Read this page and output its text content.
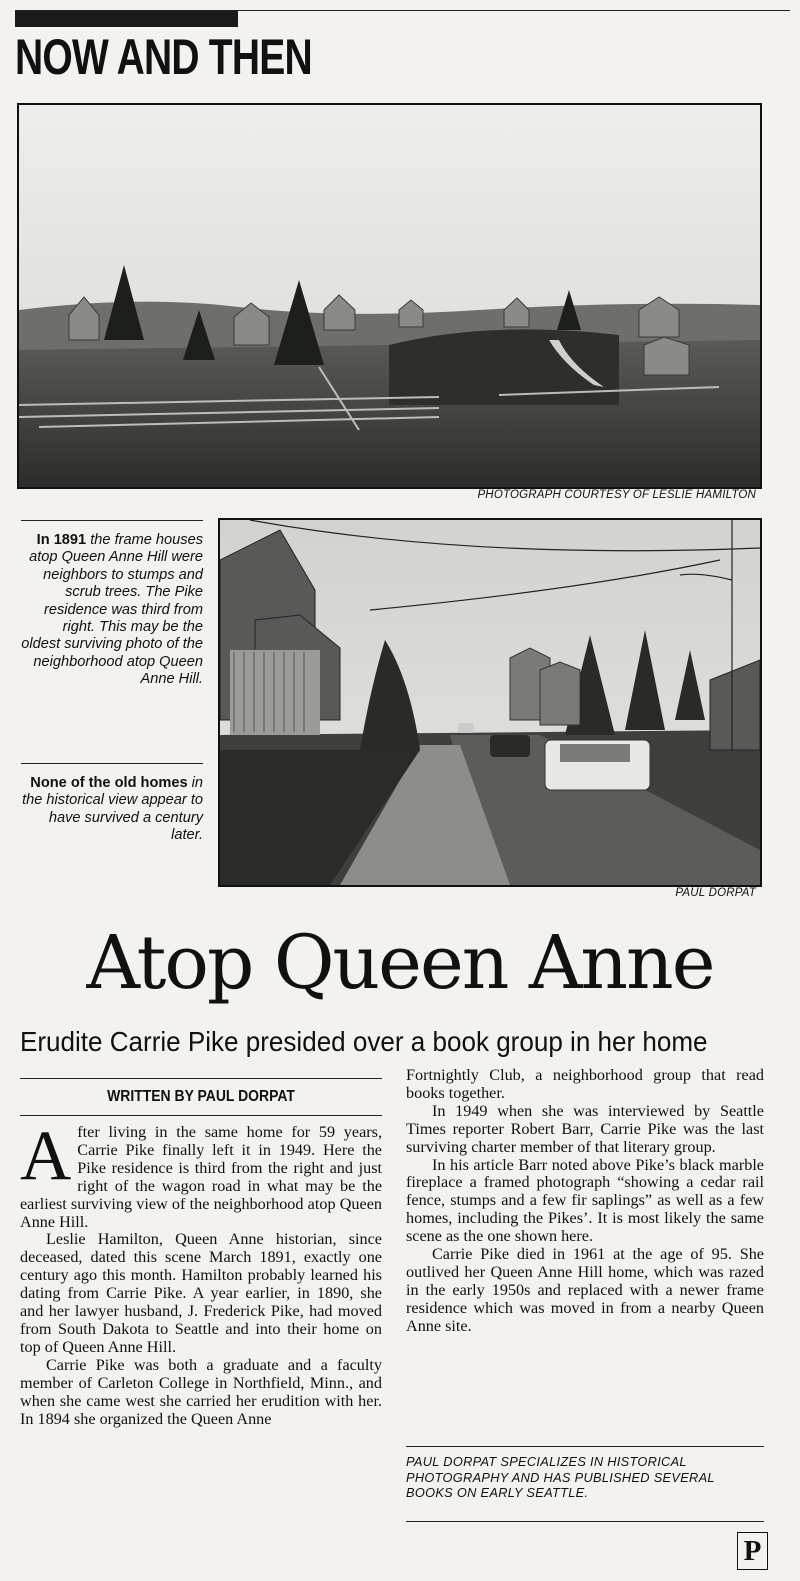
NOW AND THEN
PHOTOGRAPH COURTESY OF LESLIE HAMILTON
In 1891 the frame houses atop Queen Anne Hill were neighbors to stumps and scrub trees. The Pike residence was third from right. This may be the oldest surviving photo of the neighborhood atop Queen Anne Hill.
None of the old homes in the historical view appear to have survived a century later.
PAUL DORPAT
Atop Queen Anne
Erudite Carrie Pike presided over a book group in her home
WRITTEN BY PAUL DORPAT

After living in the same home for 59 years, Carrie Pike finally left it in 1949. Here the Pike residence is third from the right and just right of the wagon road in what may be the earliest surviving view of the neighborhood atop Queen Anne Hill.

Leslie Hamilton, Queen Anne historian, since deceased, dated this scene March 1891, exactly one century ago this month. Hamilton probably learned his dating from Carrie Pike. A year earlier, in 1890, she and her lawyer husband, J. Frederick Pike, had moved from South Dakota to Seattle and into their home on top of Queen Anne Hill.

Carrie Pike was both a graduate and a faculty member of Carleton College in Northfield, Minn., and when she came west she carried her erudition with her. In 1894 she organized the Queen Anne

Fortnightly Club, a neighborhood group that read books together.

In 1949 when she was interviewed by Seattle Times reporter Robert Barr, Carrie Pike was the last surviving charter member of that literary group.

In his article Barr noted above Pike’s black marble fireplace a framed photograph “showing a cedar rail fence, stumps and a few fir saplings” as well as a few homes, including the Pikes’. It is most likely the same scene as the one shown here.

Carrie Pike died in 1961 at the age of 95. She outlived her Queen Anne Hill home, which was razed in the early 1950s and replaced with a newer frame residence which was moved in from a nearby Queen Anne site.

PAUL DORPAT SPECIALIZES IN HISTORICAL PHOTOGRAPHY AND HAS PUBLISHED SEVERAL BOOKS ON EARLY SEATTLE.
P
